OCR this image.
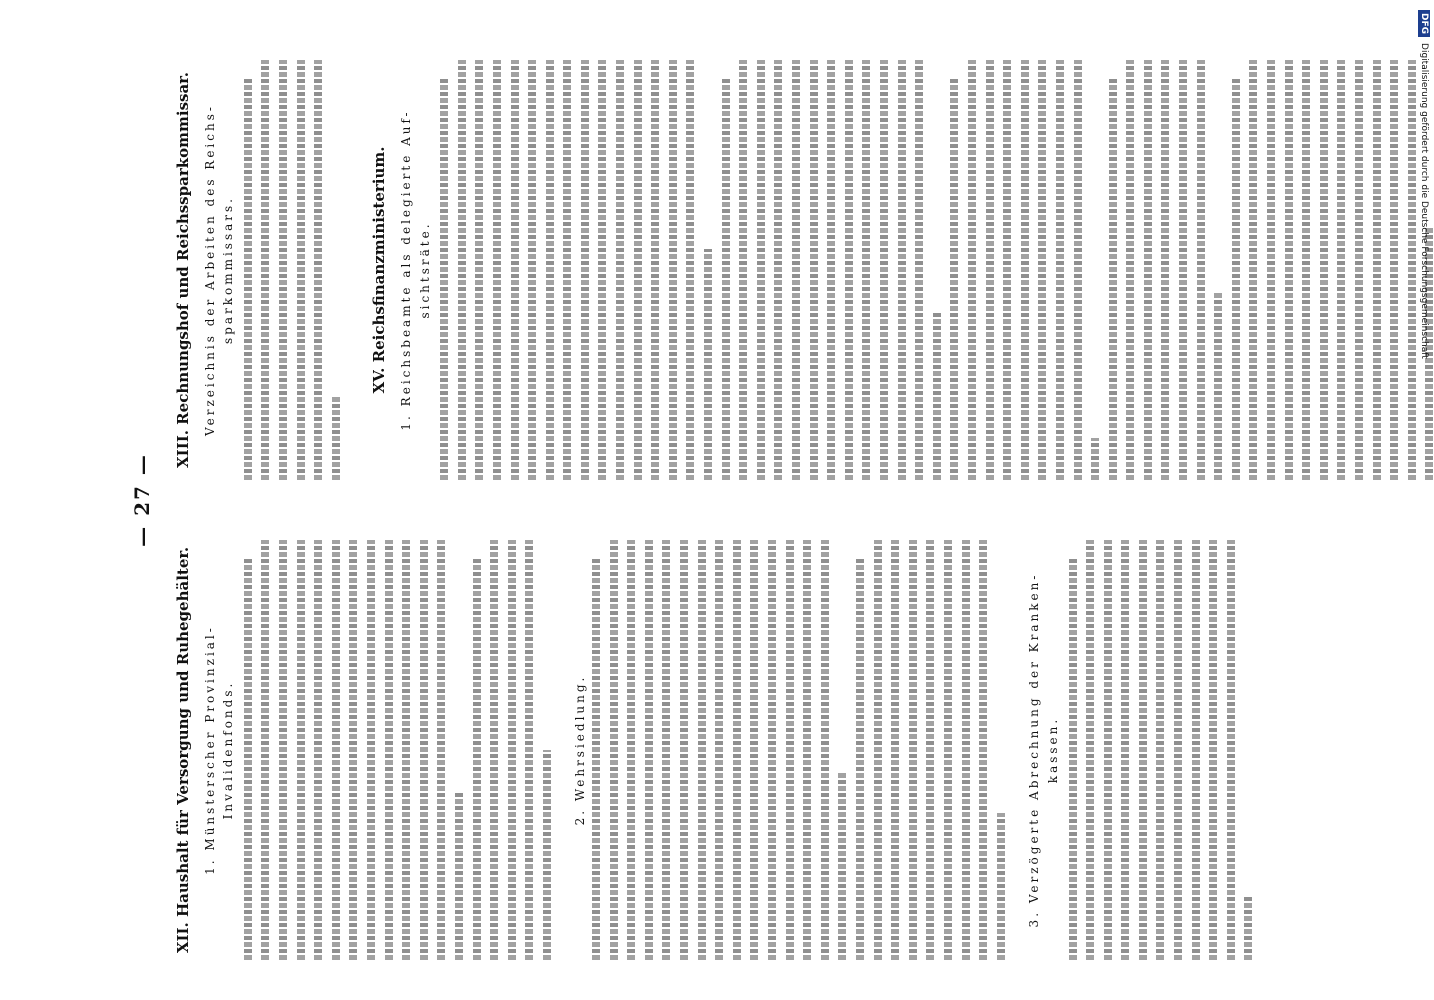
— 27 —
XII. Haushalt für Versorgung und Ruhegehälter. 1. Münsterscher Provinzial- Invalidenfonds.	2. Wehrsiedlung.	3. Verzögerte Abrechnung der Kranken- kassen.
XIII. Rechnungshof und Reichssparkommissar. Verzeichnis der Arbeiten des Reichs- sparkommissars.	XV. Reichsfinanzministerium. 1. Reichsbeamte als delegierte Auf- sichtsräte.
DFGDigitalisierung gefördert durch die Deutsche Forschungsgemeinschaft
